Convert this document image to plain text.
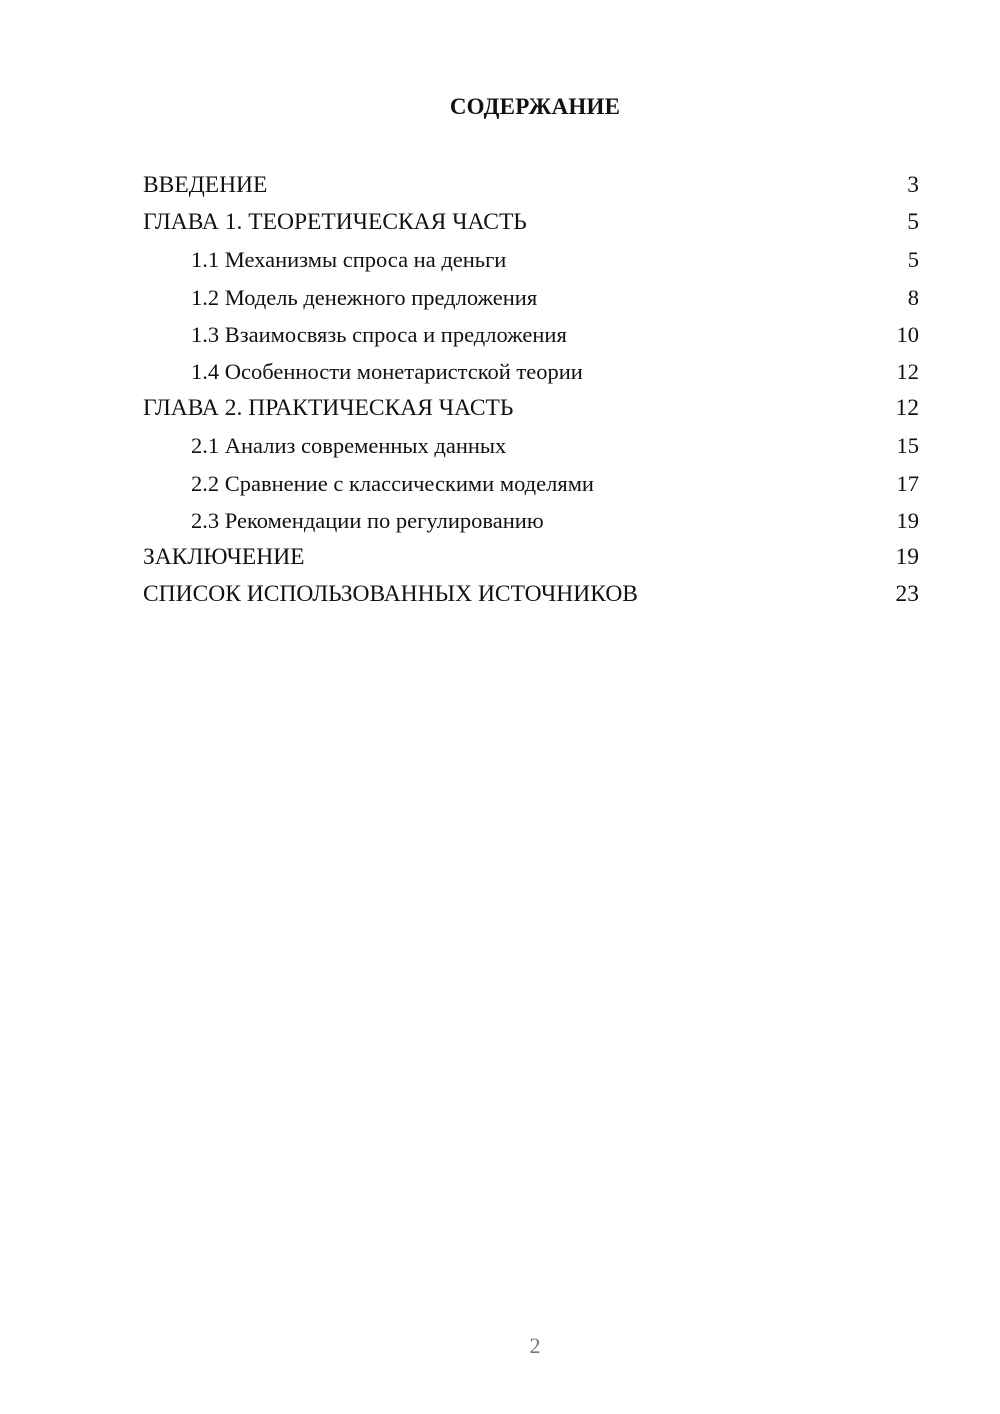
СОДЕРЖАНИЕ
ВВЕДЕНИЕ	3
ГЛАВА 1. ТЕОРЕТИЧЕСКАЯ ЧАСТЬ	5
1.1 Механизмы спроса на деньги	5
1.2 Модель денежного предложения	8
1.3 Взаимосвязь спроса и предложения	10
1.4 Особенности монетаристской теории	12
ГЛАВА 2. ПРАКТИЧЕСКАЯ ЧАСТЬ	12
2.1 Анализ современных данных	15
2.2 Сравнение с классическими моделями	17
2.3 Рекомендации по регулированию	19
ЗАКЛЮЧЕНИЕ	19
СПИСОК ИСПОЛЬЗОВАННЫХ ИСТОЧНИКОВ	23
2
